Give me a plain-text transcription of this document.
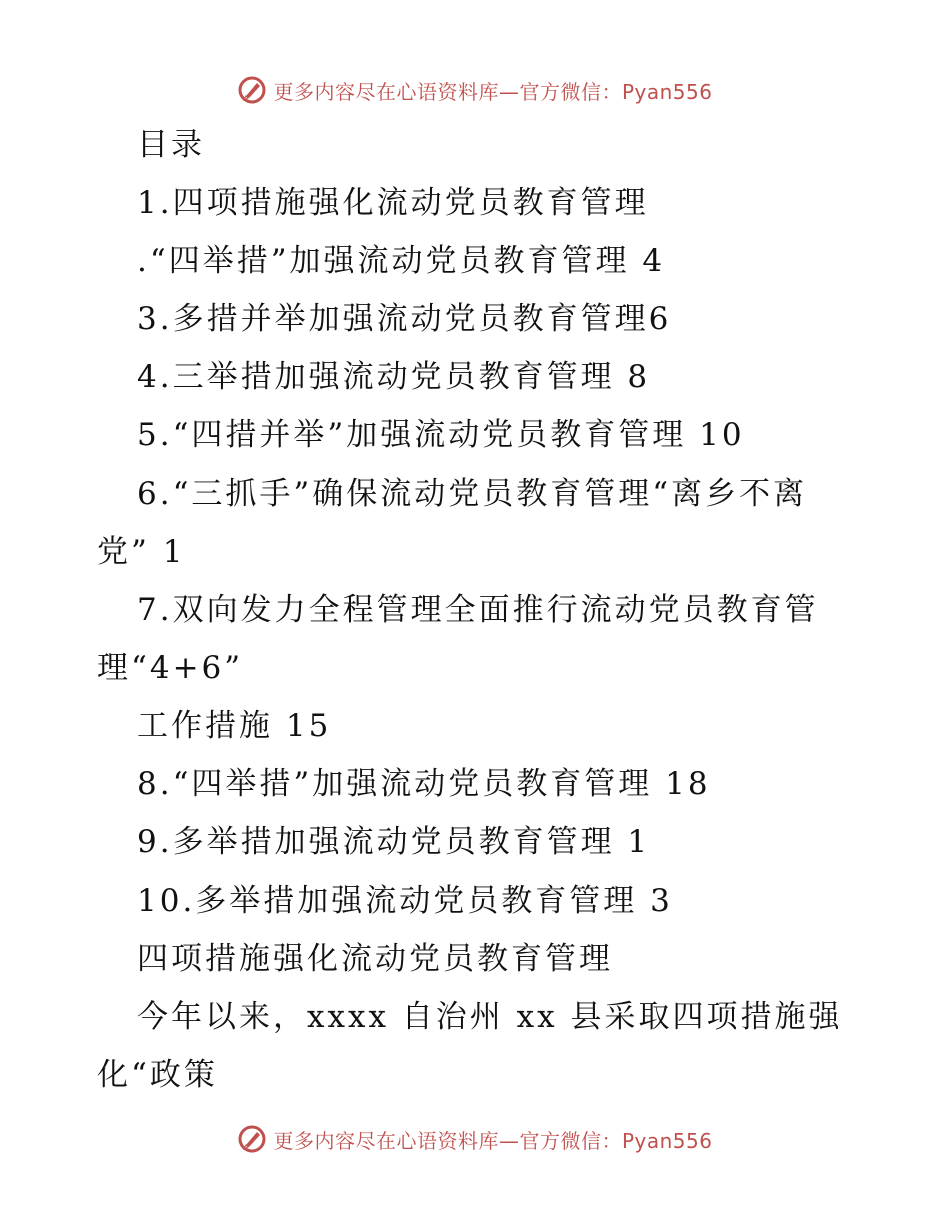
更多内容尽在心语资料库—官方微信：Pyan556
目录
1.四项措施强化流动党员教育管理
.“四举措”加强流动党员教育管理 4
3.多措并举加强流动党员教育管理6
4.三举措加强流动党员教育管理 8
5.“四措并举”加强流动党员教育管理 10
6.“三抓手”确保流动党员教育管理“离乡不离
党” 1
7.双向发力全程管理全面推行流动党员教育管
理“4+6”
工作措施 15
8.“四举措”加强流动党员教育管理 18
9.多举措加强流动党员教育管理 1
10.多举措加强流动党员教育管理 3
四项措施强化流动党员教育管理
今年以来，xxxx 自治州 xx 县采取四项措施强
化“政策
更多内容尽在心语资料库—官方微信：Pyan556
